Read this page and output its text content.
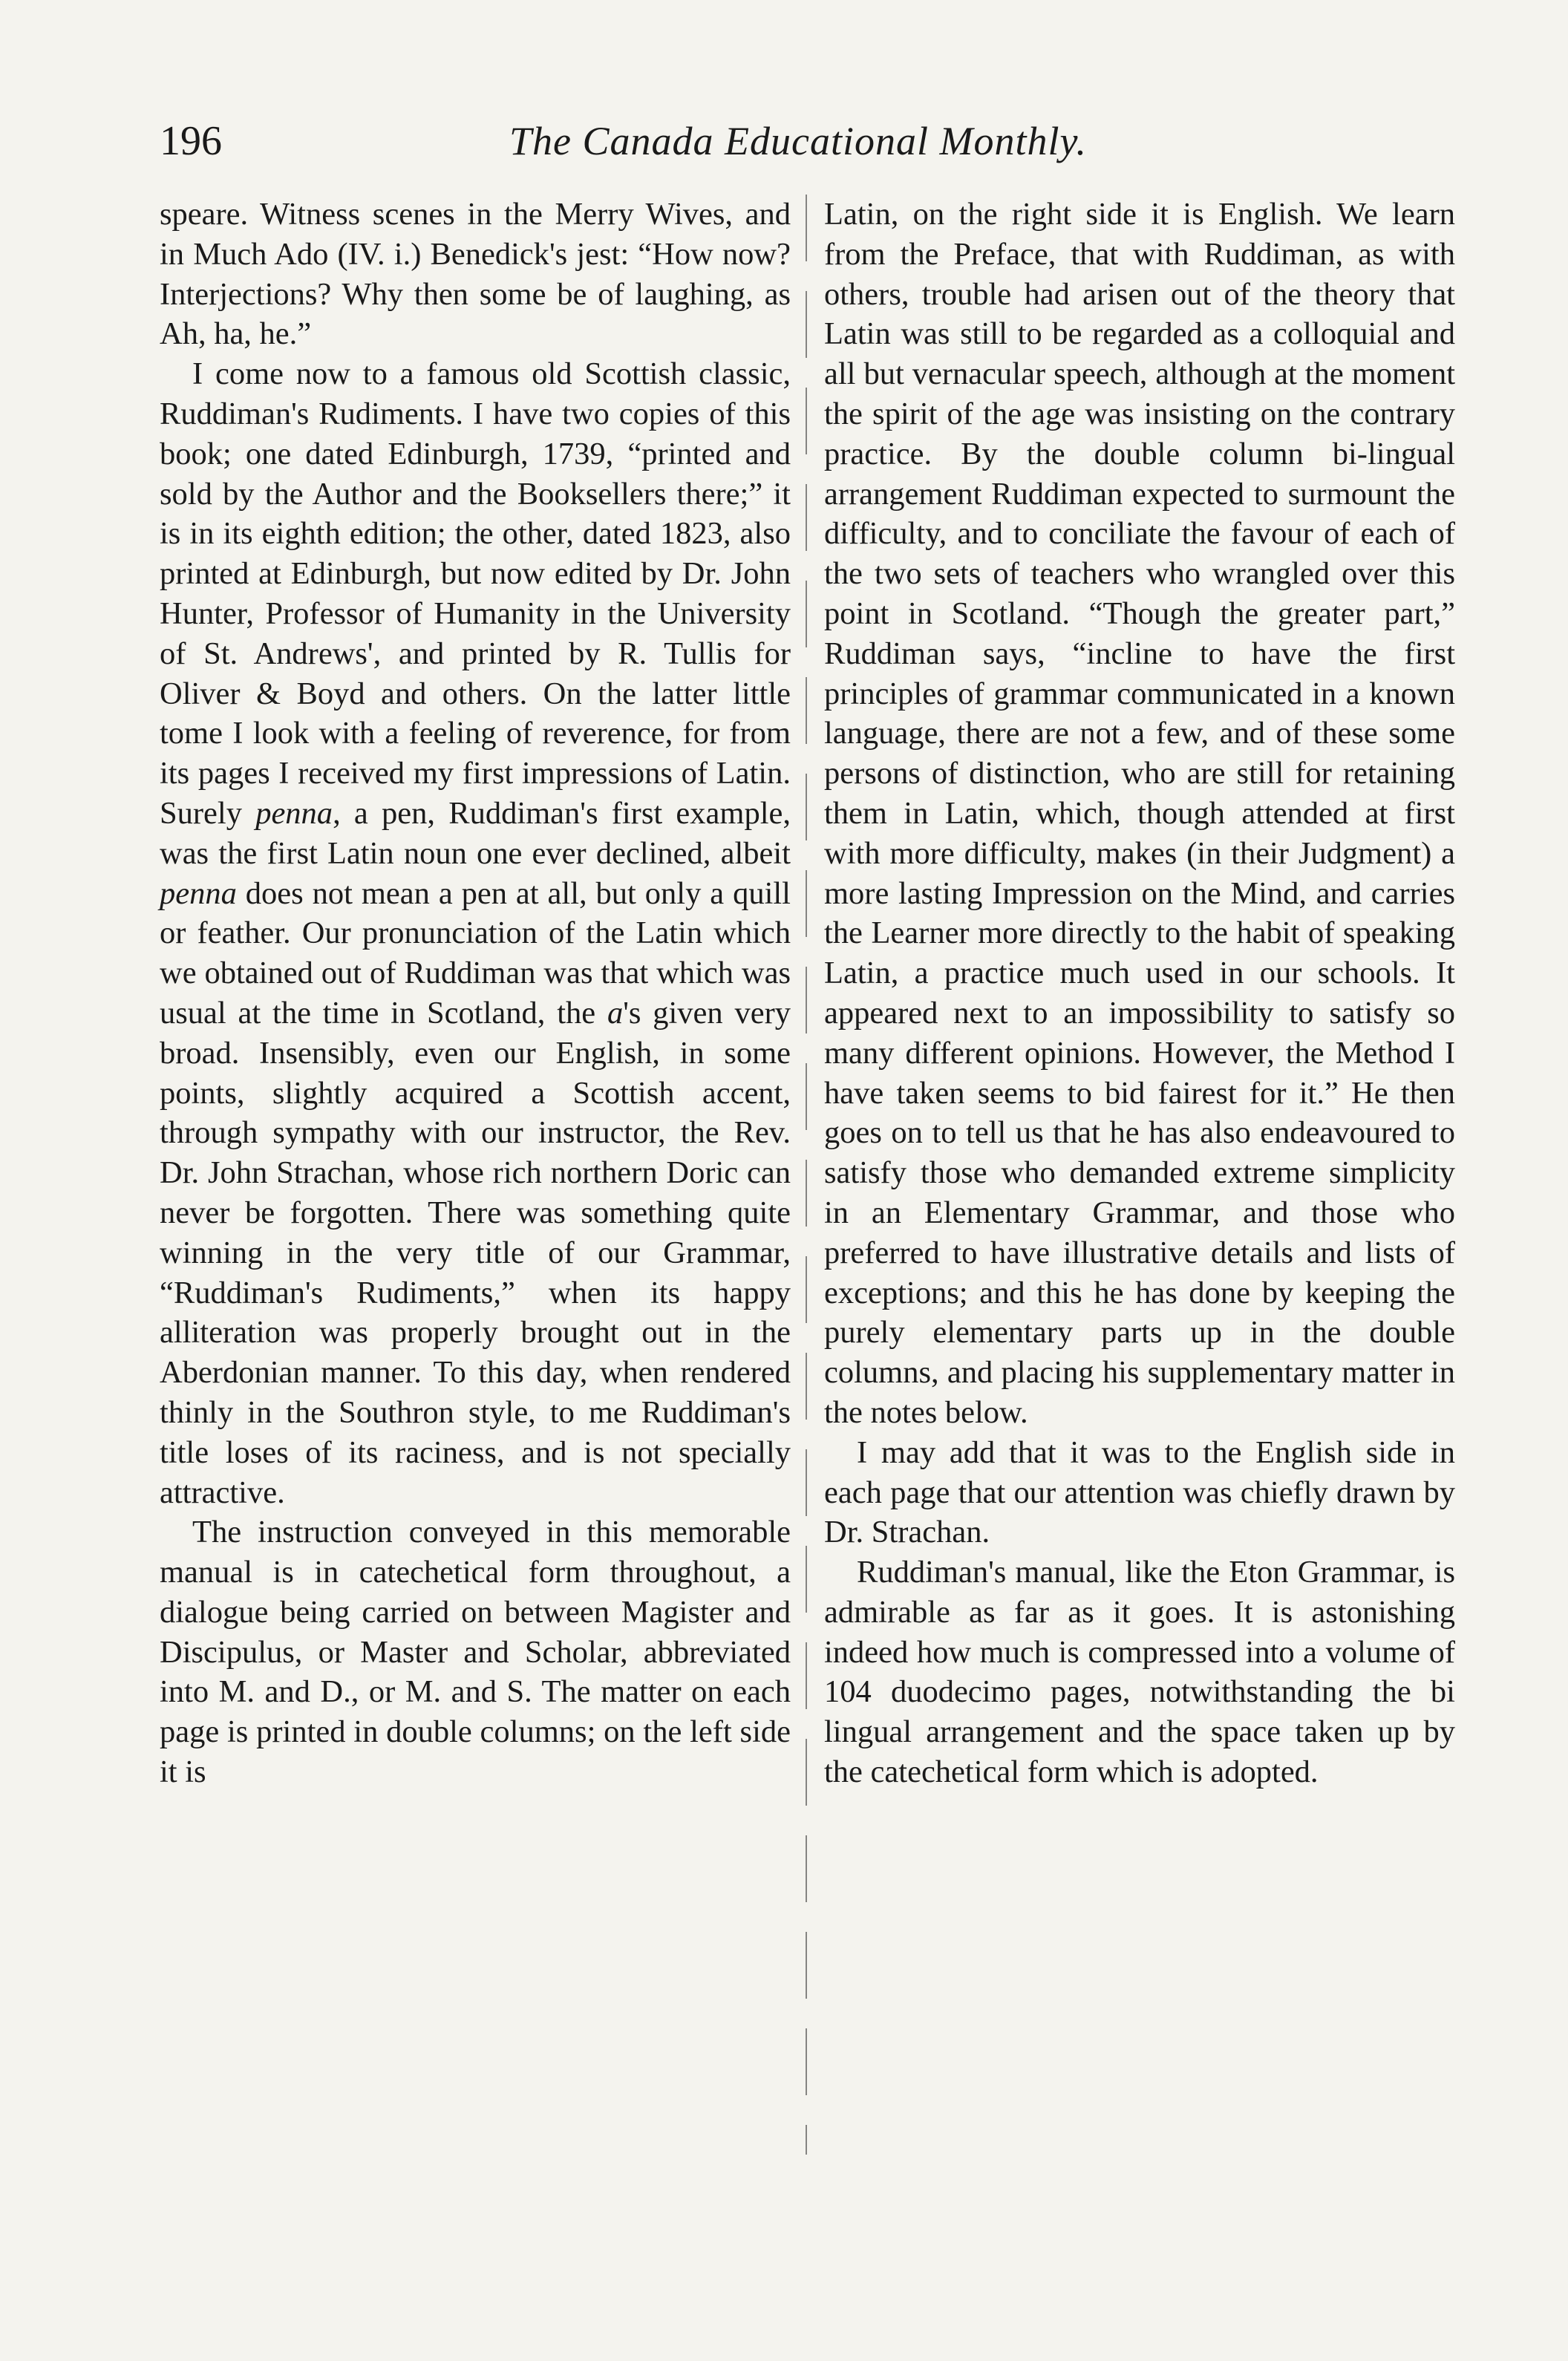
196	The Canada Educational Monthly.

speare. Witness scenes in the Merry Wives, and in Much Ado (IV. i.) Benedick's jest: “How now? Interjections? Why then some be of laughing, as Ah, ha, he.”

I come now to a famous old Scottish classic, Ruddiman's Rudiments. I have two copies of this book; one dated Edinburgh, 1739, “printed and sold by the Author and the Booksellers there;” it is in its eighth edition; the other, dated 1823, also printed at Edinburgh, but now edited by Dr. John Hunter, Professor of Humanity in the University of St. Andrews', and printed by R. Tullis for Oliver & Boyd and others. On the latter little tome I look with a feeling of reverence, for from its pages I received my first impressions of Latin. Surely penna, a pen, Ruddiman's first example, was the first Latin noun one ever declined, albeit penna does not mean a pen at all, but only a quill or feather. Our pronunciation of the Latin which we obtained out of Ruddiman was that which was usual at the time in Scotland, the a's given very broad. Insensibly, even our English, in some points, slightly acquired a Scottish accent, through sympathy with our instructor, the Rev. Dr. John Strachan, whose rich northern Doric can never be forgotten. There was something quite winning in the very title of our Grammar, “Ruddiman's Rudiments,” when its happy alliteration was properly brought out in the Aberdonian manner. To this day, when rendered thinly in the Southron style, to me Ruddiman's title loses of its raciness, and is not specially attractive.

The instruction conveyed in this memorable manual is in catechetical form throughout, a dialogue being carried on between Magister and Discipulus, or Master and Scholar, abbreviated into M. and D., or M. and S. The matter on each page is printed in double columns; on the left side it is

Latin, on the right side it is English. We learn from the Preface, that with Ruddiman, as with others, trouble had arisen out of the theory that Latin was still to be regarded as a colloquial and all but vernacular speech, although at the moment the spirit of the age was insisting on the contrary practice. By the double column bi-lingual arrangement Ruddiman expected to surmount the difficulty, and to conciliate the favour of each of the two sets of teachers who wrangled over this point in Scotland. “Though the greater part,” Ruddiman says, “incline to have the first principles of grammar communicated in a known language, there are not a few, and of these some persons of distinction, who are still for retaining them in Latin, which, though attended at first with more difficulty, makes (in their Judgment) a more lasting Impression on the Mind, and carries the Learner more directly to the habit of speaking Latin, a practice much used in our schools. It appeared next to an impossibility to satisfy so many different opinions. However, the Method I have taken seems to bid fairest for it.” He then goes on to tell us that he has also endeavoured to satisfy those who demanded extreme simplicity in an Elementary Grammar, and those who preferred to have illustrative details and lists of exceptions; and this he has done by keeping the purely elementary parts up in the double columns, and placing his supplementary matter in the notes below.

I may add that it was to the English side in each page that our attention was chiefly drawn by Dr. Strachan.

Ruddiman's manual, like the Eton Grammar, is admirable as far as it goes. It is astonishing indeed how much is compressed into a volume of 104 duodecimo pages, notwithstanding the bi lingual arrangement and the space taken up by the catechetical form which is adopted.
